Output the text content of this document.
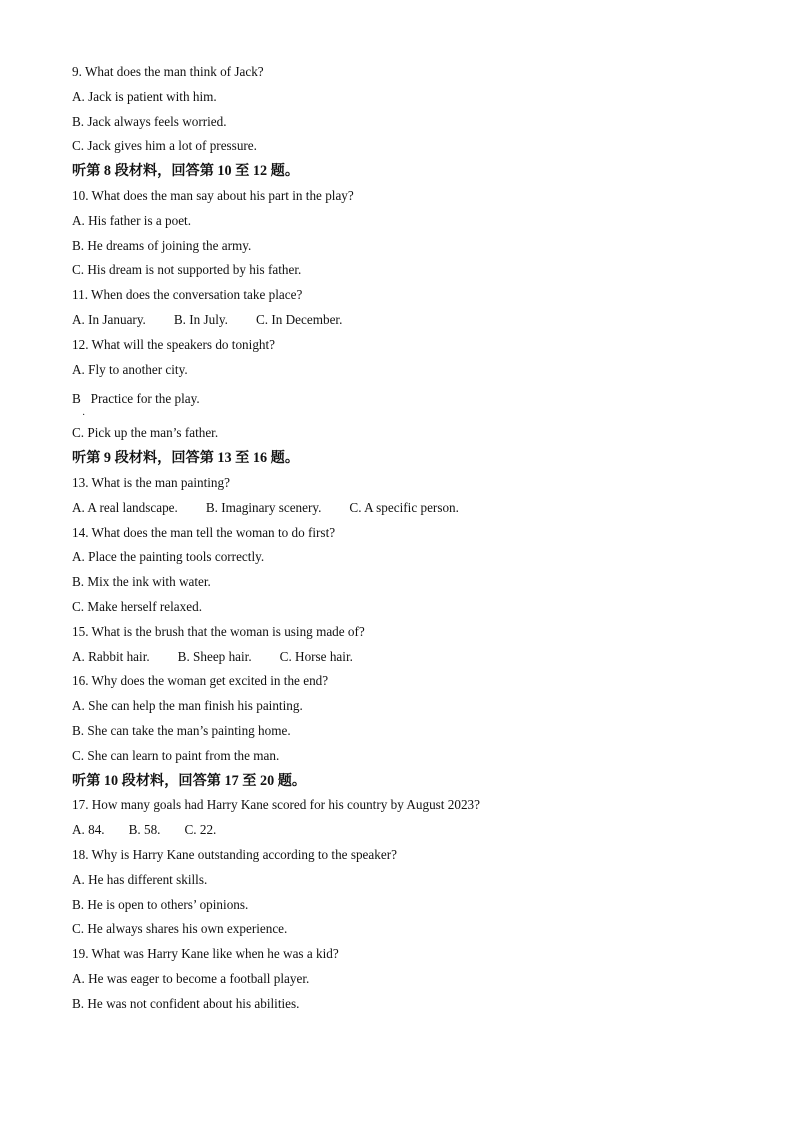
9. What does the man think of Jack?
A. Jack is patient with him.
B. Jack always feels worried.
C. Jack gives him a lot of pressure.
听第 8 段材料，回答第 10 至 12 题。
10. What does the man say about his part in the play?
A. His father is a poet.
B. He dreams of joining the army.
C. His dream is not supported by his father.
11. When does the conversation take place?
A. In January. B. In July. C. In December.
12. What will the speakers do tonight?
A. Fly to another city.
B   Practice for the play.
·
C. Pick up the man’s father.
听第 9 段材料，回答第 13 至 16 题。
13. What is the man painting?
A. A real landscape. B. Imaginary scenery. C. A specific person.
14. What does the man tell the woman to do first?
A. Place the painting tools correctly.
B. Mix the ink with water.
C. Make herself relaxed.
15. What is the brush that the woman is using made of?
A. Rabbit hair. B. Sheep hair. C. Horse hair.
16. Why does the woman get excited in the end?
A. She can help the man finish his painting.
B. She can take the man’s painting home.
C. She can learn to paint from the man.
听第 10 段材料，回答第 17 至 20 题。
17. How many goals had Harry Kane scored for his country by August 2023?
A. 84. B. 58. C. 22.
18. Why is Harry Kane outstanding according to the speaker?
A. He has different skills.
B. He is open to others’ opinions.
C. He always shares his own experience.
19. What was Harry Kane like when he was a kid?
A. He was eager to become a football player.
B. He was not confident about his abilities.
